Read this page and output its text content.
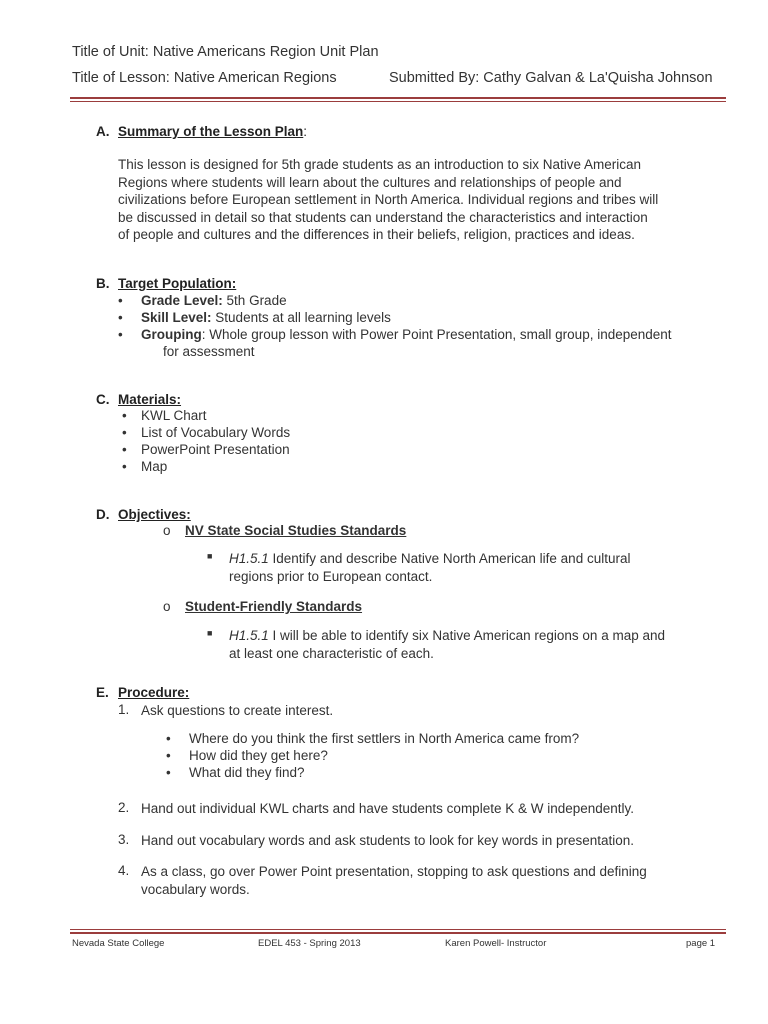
Title of Unit: Native Americans Region Unit Plan
Title of Lesson: Native American Regions	Submitted By: Cathy Galvan & La'Quisha Johnson
A. Summary of the Lesson Plan:
This lesson is designed for 5th grade students as an introduction to six Native American
Regions where students will learn about the cultures and relationships of people and
civilizations before European settlement in North America. Individual regions and tribes will
be discussed in detail so that students can understand the characteristics and interaction
of people and cultures and the differences in their beliefs, religion, practices and ideas.
B. Target Population:
• Grade Level: 5th Grade
• Skill Level: Students at all learning levels
• Grouping: Whole group lesson with Power Point Presentation, small group, independent
for assessment
C. Materials:
• KWL Chart
• List of Vocabulary Words
• PowerPoint Presentation
• Map
D. Objectives:
o NV State Social Studies Standards
■ H1.5.1 Identify and describe Native North American life and cultural
regions prior to European contact.
o Student-Friendly Standards
■ H1.5.1 I will be able to identify six Native American regions on a map and
at least one characteristic of each.
E. Procedure:
1. Ask questions to create interest.
• Where do you think the first settlers in North America came from?
• How did they get here?
• What did they find?
2. Hand out individual KWL charts and have students complete K & W independently.
3. Hand out vocabulary words and ask students to look for key words in presentation.
4. As a class, go over Power Point presentation, stopping to ask questions and defining
vocabulary words.
Nevada State College	EDEL 453 - Spring 2013	Karen Powell- Instructor	page 1
